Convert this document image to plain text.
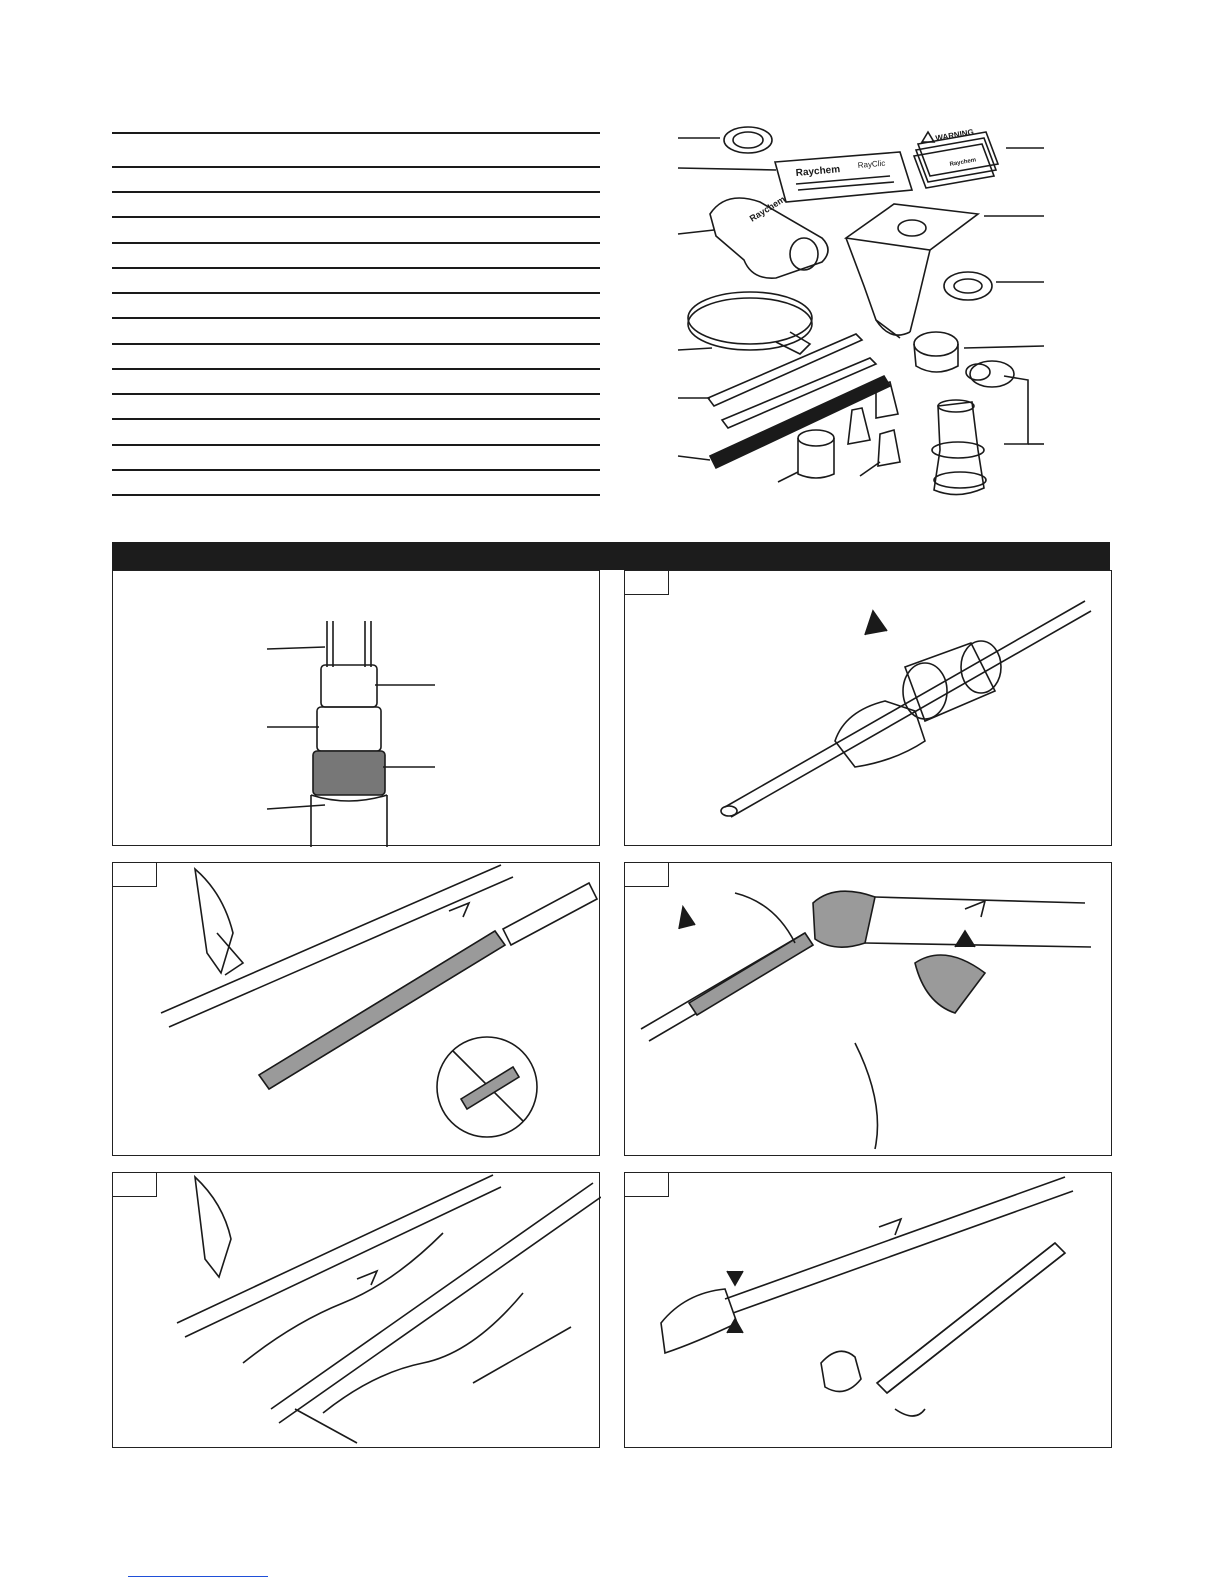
Raychem RayClic
WARNING
Raychem
Raychem
